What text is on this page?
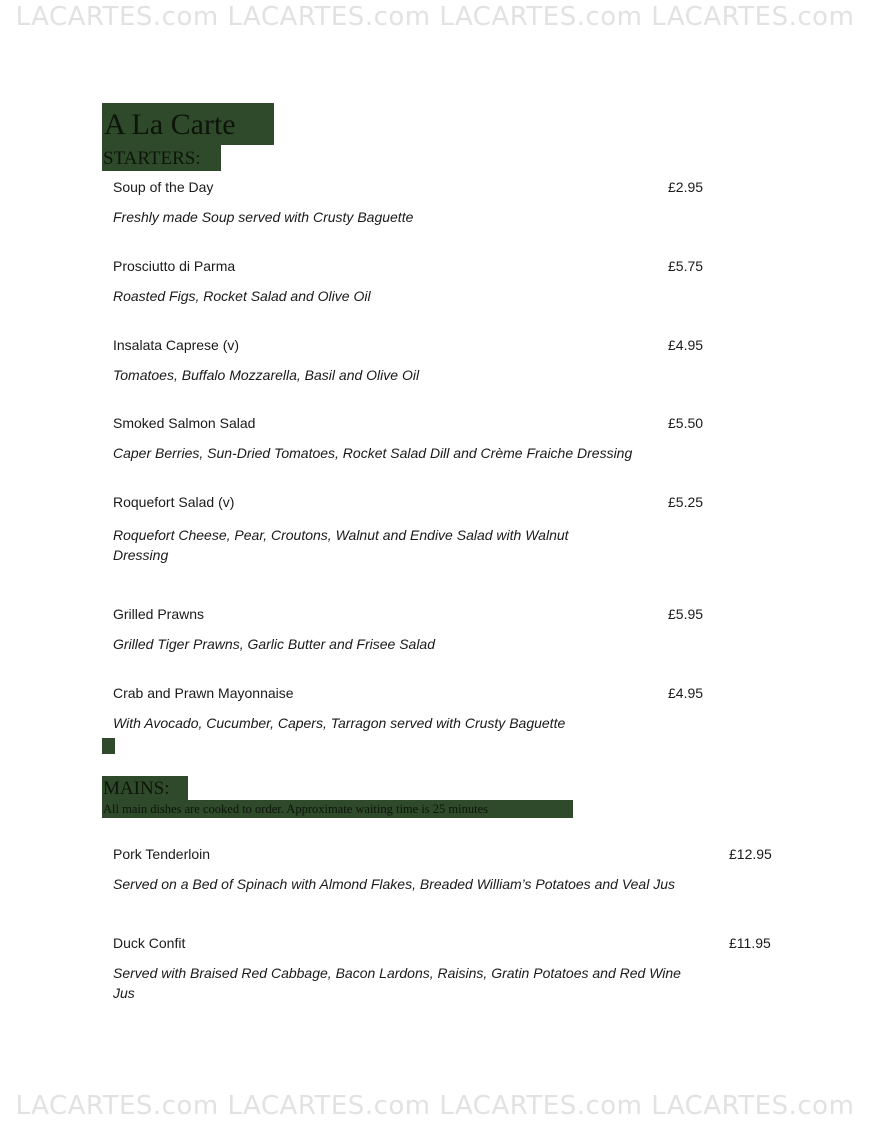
LACARTES.com LACARTES.com LACARTES.com LACARTES.com
A La Carte
STARTERS:
Soup of the Day	£2.95
Freshly made Soup served with Crusty Baguette
Prosciutto di Parma	£5.75
Roasted Figs, Rocket Salad and Olive Oil
Insalata Caprese (v)	£4.95
Tomatoes, Buffalo Mozzarella, Basil and Olive Oil
Smoked Salmon Salad	£5.50
Caper Berries, Sun-Dried Tomatoes, Rocket Salad Dill and Crème Fraiche Dressing
Roquefort Salad (v)	£5.25
Roquefort Cheese, Pear, Croutons, Walnut and Endive Salad with Walnut Dressing
Grilled Prawns	£5.95
Grilled Tiger Prawns, Garlic Butter and Frisee Salad
Crab and Prawn Mayonnaise	£4.95
With Avocado, Cucumber, Capers, Tarragon served with Crusty Baguette
MAINS:
All main dishes are cooked to order. Approximate waiting time is 25 minutes
Pork Tenderloin	£12.95
Served on a Bed of Spinach with Almond Flakes, Breaded William’s Potatoes and Veal Jus
Duck Confit	£11.95
Served with Braised Red Cabbage, Bacon Lardons, Raisins, Gratin Potatoes and Red Wine Jus
LACARTES.com LACARTES.com LACARTES.com LACARTES.com
